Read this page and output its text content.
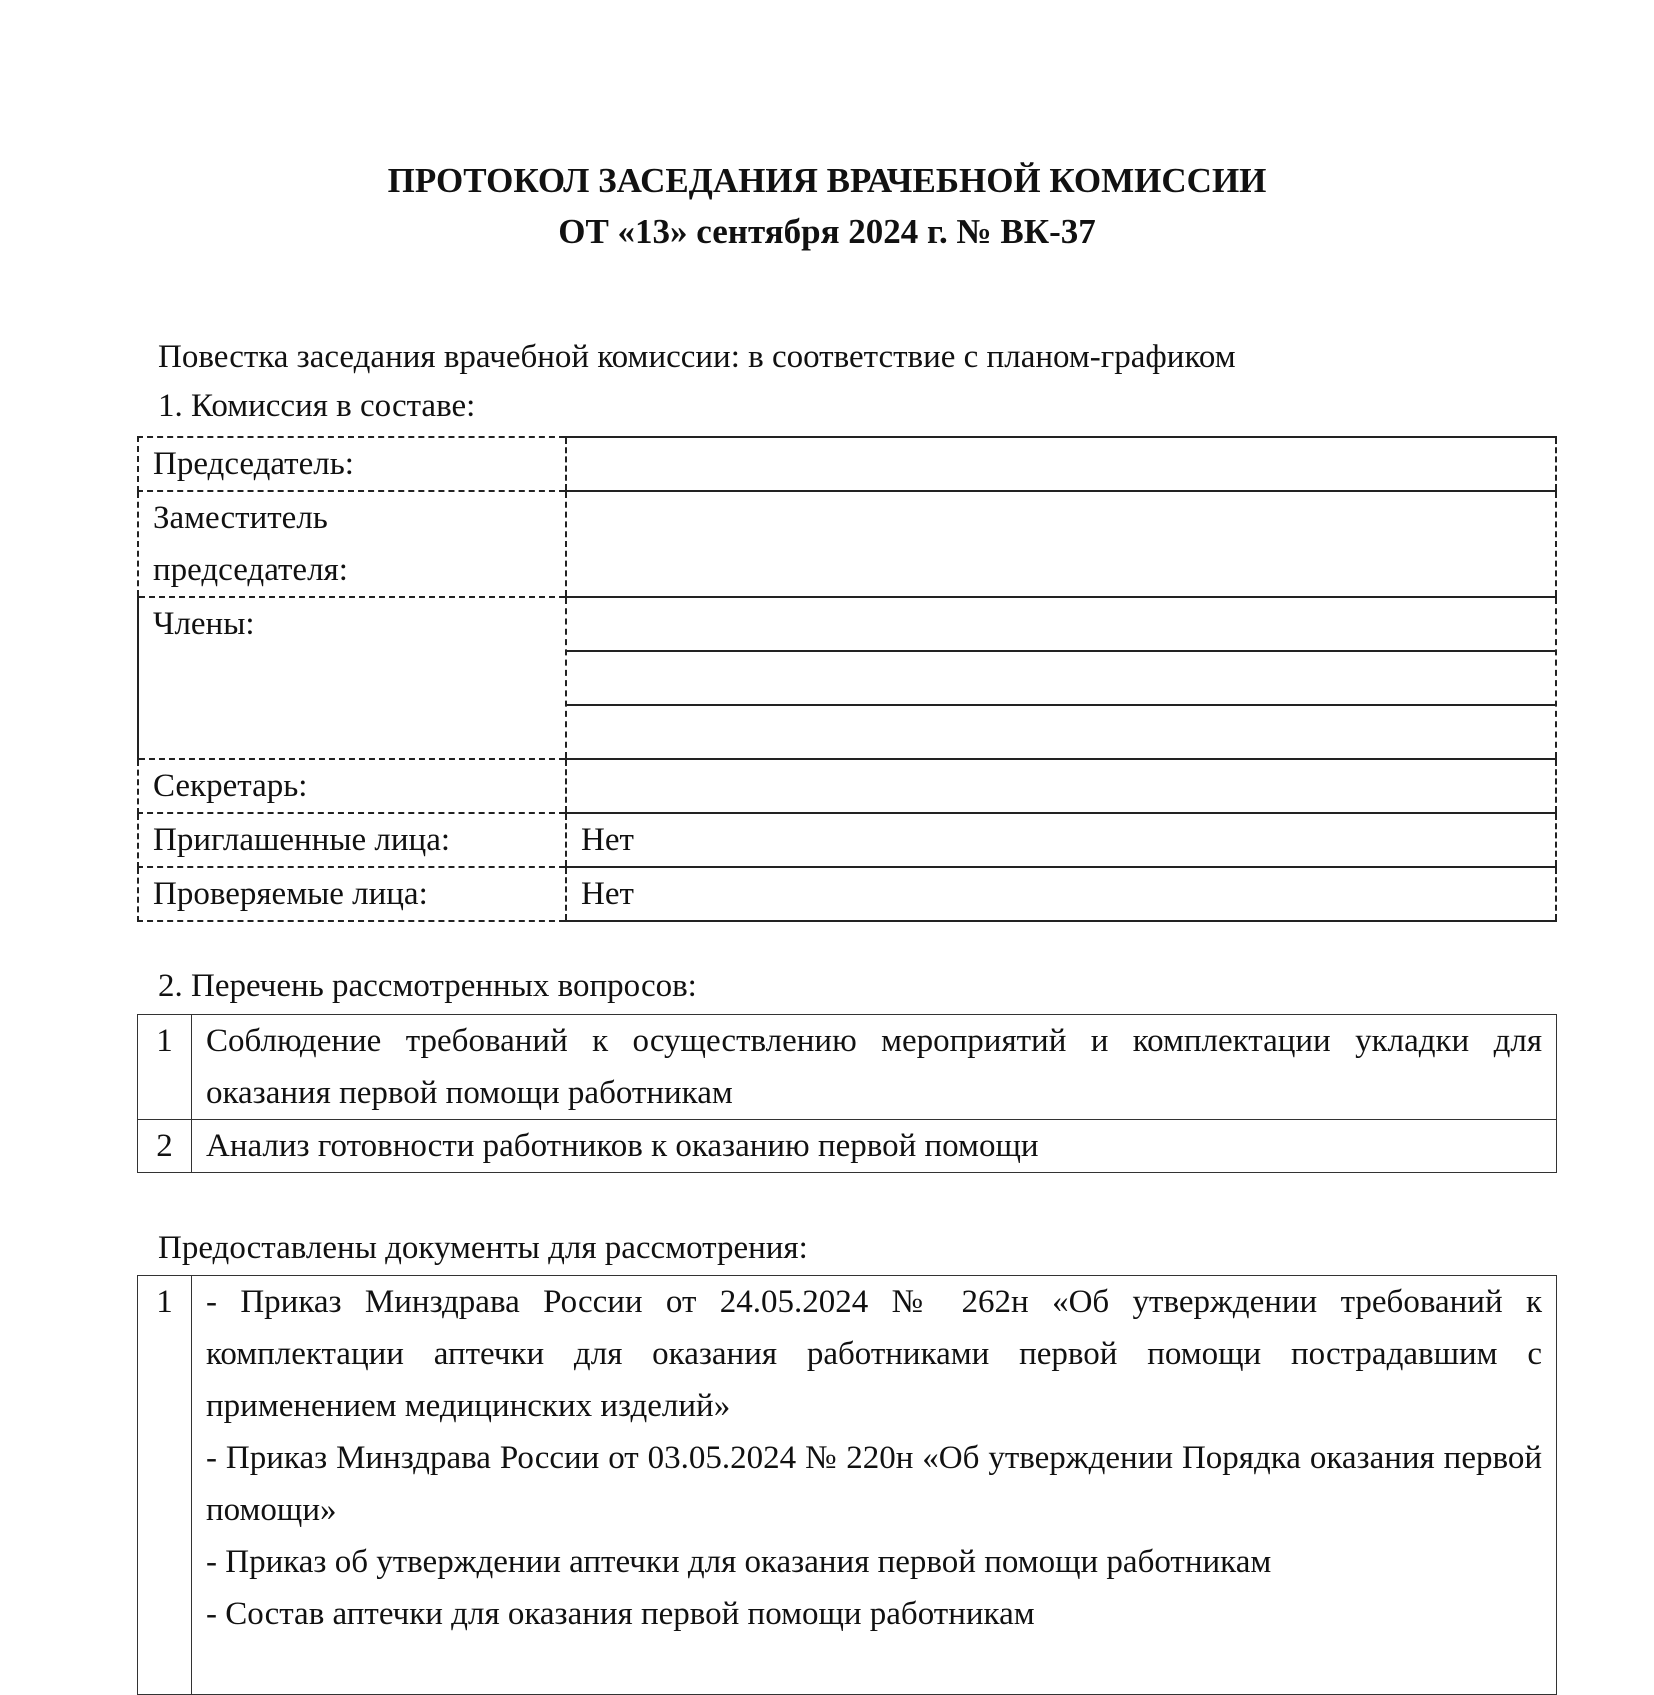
ПРОТОКОЛ ЗАСЕДАНИЯ ВРАЧЕБНОЙ КОМИССИИ
ОТ «13» сентября 2024 г. № ВК-37
Повестка заседания врачебной комиссии: в соответствие с планом-графиком
1. Комиссия в составе:
Председатель:	
Заместитель председателя:	
Члены:	

Секретарь:	
Приглашенные лица:	Нет
Проверяемые лица:	Нет
2. Перечень рассмотренных вопросов:
1	Соблюдение требований к осуществлению мероприятий и комплектации укладки для оказания первой помощи работникам
2	Анализ готовности работников к оказанию первой помощи
Предоставлены документы для рассмотрения:
1	- Приказ Минздрава России от 24.05.2024 № 262н «Об утверждении требований к комплектации аптечки для оказания работниками первой помощи пострадавшим с применением медицинских изделий»

- Приказ Минздрава России от 03.05.2024 № 220н «Об утверждении Порядка оказания первой помощи»

- Приказ об утверждении аптечки для оказания первой помощи работникам

- Состав аптечки для оказания первой помощи работникам
